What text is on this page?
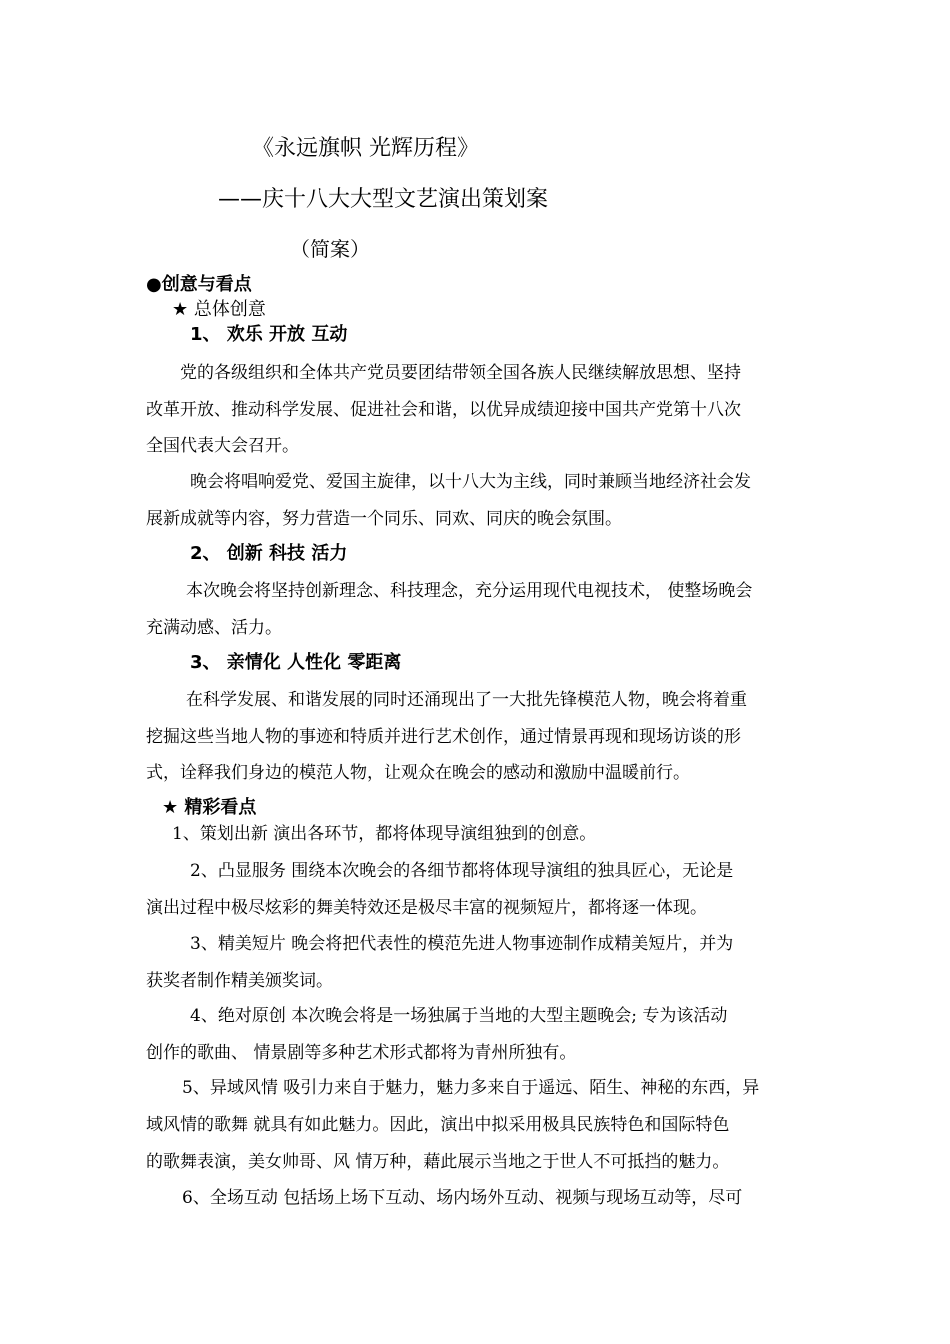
《永远旗帜 光辉历程》
——庆十八大大型文艺演出策划案
（简案）
●创意与看点
★ 总体创意
1、 欢乐 开放 互动
党的各级组织和全体共产党员要团结带领全国各族人民继续解放思想、坚持
改革开放、推动科学发展、促进社会和谐，以优异成绩迎接中国共产党第十八次
全国代表大会召开。
晚会将唱响爱党、爱国主旋律，以十八大为主线，同时兼顾当地经济社会发
展新成就等内容，努力营造一个同乐、同欢、同庆的晚会氛围。
2、 创新 科技 活力
本次晚会将坚持创新理念、科技理念，充分运用现代电视技术， 使整场晚会
充满动感、活力。
3、 亲情化 人性化 零距离
在科学发展、和谐发展的同时还涌现出了一大批先锋模范人物，晚会将着重
挖掘这些当地人物的事迹和特质并进行艺术创作，通过情景再现和现场访谈的形
式，诠释我们身边的模范人物，让观众在晚会的感动和激励中温暖前行。
★ 精彩看点
1、策划出新 演出各环节，都将体现导演组独到的创意。
2、凸显服务 围绕本次晚会的各细节都将体现导演组的独具匠心，无论是
演出过程中极尽炫彩的舞美特效还是极尽丰富的视频短片，都将逐一体现。
3、精美短片 晚会将把代表性的模范先进人物事迹制作成精美短片，并为
获奖者制作精美颁奖词。
4、绝对原创 本次晚会将是一场独属于当地的大型主题晚会; 专为该活动
创作的歌曲、 情景剧等多种艺术形式都将为青州所独有。
5、异域风情 吸引力来自于魅力，魅力多来自于遥远、陌生、神秘的东西，异
域风情的歌舞 就具有如此魅力。因此，演出中拟采用极具民族特色和国际特色
的歌舞表演，美女帅哥、风 情万种，藉此展示当地之于世人不可抵挡的魅力。
6、全场互动 包括场上场下互动、场内场外互动、视频与现场互动等，尽可
